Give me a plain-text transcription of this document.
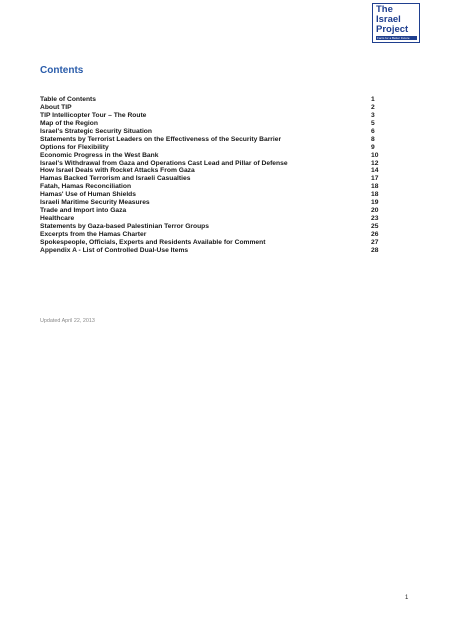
The
Israel
Project
Facts for a Better Future
Contents
Table of Contents	1
About TIP	2
TIP Intellicopter Tour – The Route	3
Map of the Region	5
Israel's Strategic Security Situation	6
Statements by Terrorist Leaders on the Effectiveness of the Security Barrier	8
Options for Flexibility	9
Economic Progress in the West Bank	10
Israel's Withdrawal from Gaza and Operations Cast Lead and Pillar of Defense	12
How Israel Deals with Rocket Attacks From Gaza	14
Hamas Backed Terrorism and Israeli Casualties	17
Fatah, Hamas Reconciliation	18
Hamas' Use of Human Shields	18
Israeli Maritime Security Measures	19
Trade and Import into Gaza	20
Healthcare	23
Statements by Gaza-based Palestinian Terror Groups	25
Excerpts from the Hamas Charter	26
Spokespeople, Officials, Experts and Residents Available for Comment	27
Appendix A - List of Controlled Dual-Use Items	28
Updated April 22, 2013
1
